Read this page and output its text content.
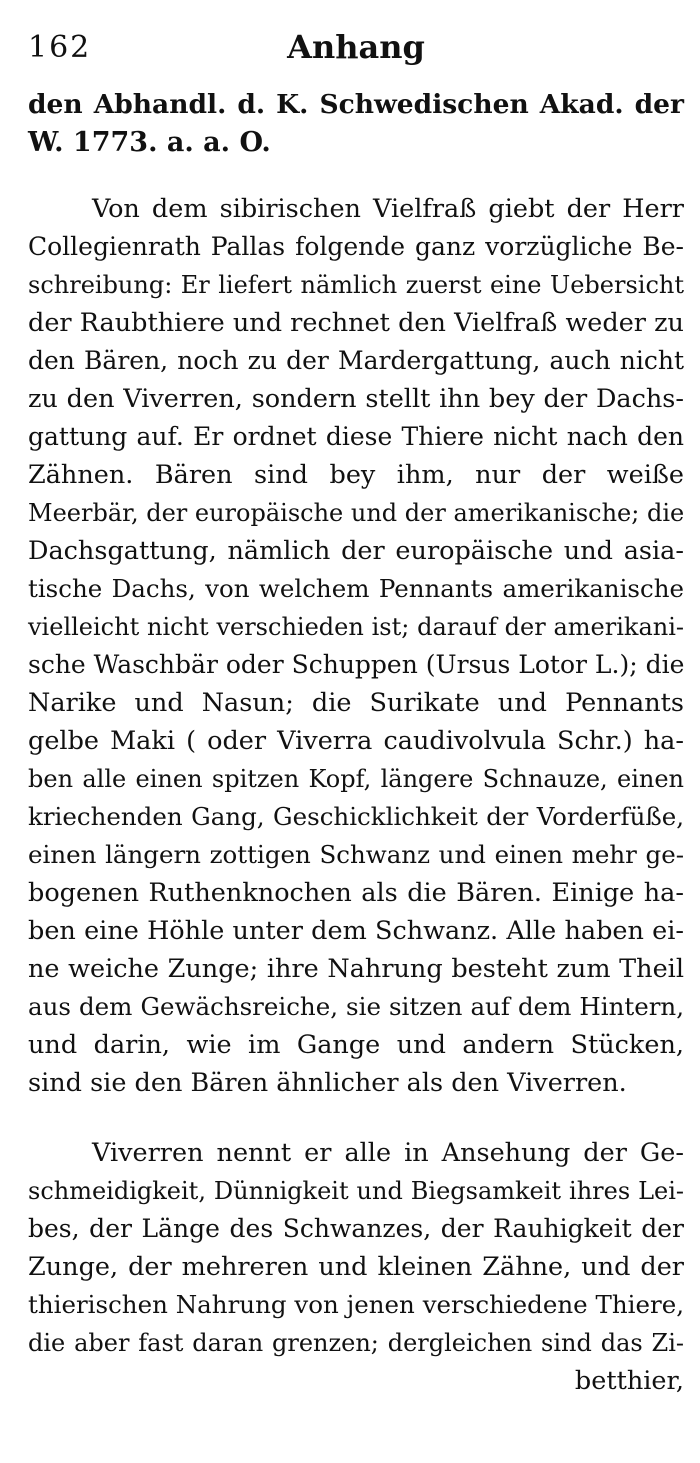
162	Anhang
den Abhandl. d. K. Schwedischen Akad. der
W. 1773. a. a. O.
Von dem sibirischen Vielfraß giebt der Herr
Collegienrath Pallas folgende ganz vorzügliche Be-
schreibung: Er liefert nämlich zuerst eine Uebersicht
der Raubthiere und rechnet den Vielfraß weder zu
den Bären, noch zu der Mardergattung, auch nicht
zu den Viverren, sondern stellt ihn bey der Dachs-
gattung auf. Er ordnet diese Thiere nicht nach den
Zähnen. Bären sind bey ihm, nur der weiße
Meerbär, der europäische und der amerikanische; die
Dachsgattung, nämlich der europäische und asia-
tische Dachs, von welchem Pennants amerikanische
vielleicht nicht verschieden ist; darauf der amerikani-
sche Waschbär oder Schuppen (Ursus Lotor L.); die
Narike und Nasun; die Surikate und Pennants
gelbe Maki ( oder Viverra caudivolvula Schr.) ha-
ben alle einen spitzen Kopf, längere Schnauze, einen
kriechenden Gang, Geschicklichkeit der Vorderfüße,
einen längern zottigen Schwanz und einen mehr ge-
bogenen Ruthenknochen als die Bären. Einige ha-
ben eine Höhle unter dem Schwanz. Alle haben ei-
ne weiche Zunge; ihre Nahrung besteht zum Theil
aus dem Gewächsreiche, sie sitzen auf dem Hintern,
und darin, wie im Gange und andern Stücken,
sind sie den Bären ähnlicher als den Viverren.
Viverren nennt er alle in Ansehung der Ge-
schmeidigkeit, Dünnigkeit und Biegsamkeit ihres Lei-
bes, der Länge des Schwanzes, der Rauhigkeit der
Zunge, der mehreren und kleinen Zähne, und der
thierischen Nahrung von jenen verschiedene Thiere,
die aber fast daran grenzen; dergleichen sind das Zi-
betthier,
